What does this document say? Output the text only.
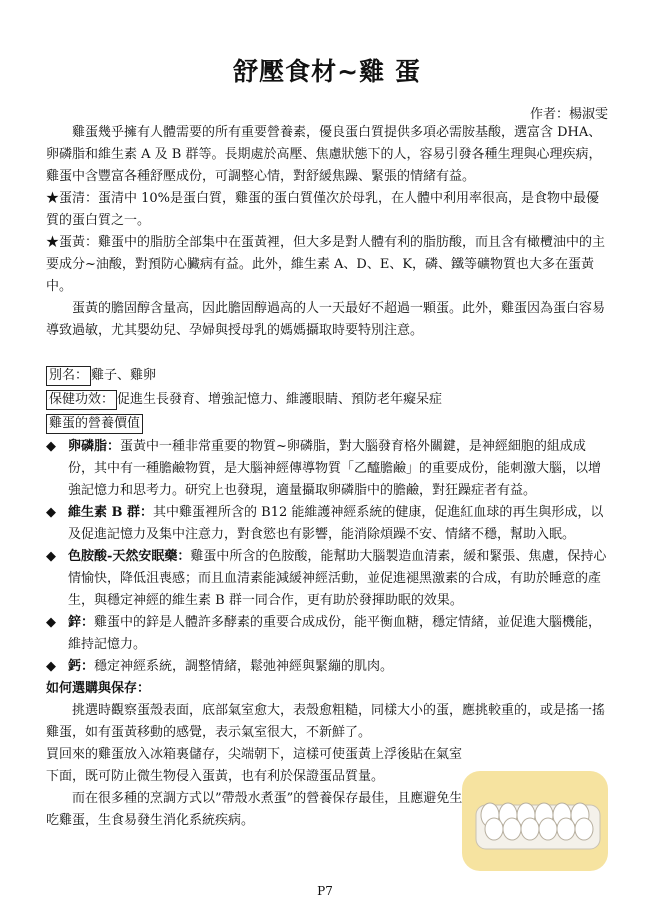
舒壓食材~雞 蛋
作者：楊淑雯

雞蛋幾乎擁有人體需要的所有重要營養素，優良蛋白質提供多項必需胺基酸，選富含 DHA、卵磷脂和維生素 A 及 B 群等。長期處於高壓、焦慮狀態下的人，容易引發各種生理與心理疾病，雞蛋中含豐富各種舒壓成份，可調整心情，對舒緩焦躁、緊張的情緒有益。

★蛋清：蛋清中 10%是蛋白質，雞蛋的蛋白質僅次於母乳，在人體中利用率很高，是食物中最優質的蛋白質之一。

★蛋黃：雞蛋中的脂肪全部集中在蛋黃裡，但大多是對人體有利的脂肪酸，而且含有橄欖油中的主要成分~油酸，對預防心臟病有益。此外，維生素 A、D、E、K，磷、鐵等礦物質也大多在蛋黃中。

蛋黃的膽固醇含量高，因此膽固醇過高的人一天最好不超過一顆蛋。此外，雞蛋因為蛋白容易導致過敏，尤其嬰幼兒、孕婦與授母乳的媽媽攝取時要特別注意。

別名： 雞子、雞卵

保健功效： 促進生長發育、增強記憶力、維護眼睛、預防老年癡呆症

雞蛋的營養價值

◆ 卵磷脂：蛋黃中一種非常重要的物質~卵磷脂，對大腦發育格外關鍵，是神經細胞的組成成份，其中有一種膽鹼物質，是大腦神經傳導物質「乙醯膽鹼」的重要成份，能刺激大腦，以增強記憶力和思考力。研究上也發現，適量攝取卵磷脂中的膽鹼，對狂躁症者有益。

◆ 維生素 B 群：其中雞蛋裡所含的 B12 能維護神經系統的健康，促進紅血球的再生與形成，以及促進記憶力及集中注意力，對食慾也有影響，能消除煩躁不安、情緒不穩，幫助入眠。

◆ 色胺酸-天然安眠藥：雞蛋中所含的色胺酸，能幫助大腦製造血清素，緩和緊張、焦慮，保持心情愉快，降低沮喪感；而且血清素能減緩神經活動，並促進褪黑激素的合成，有助於睡意的產生，與穩定神經的維生素 B 群一同合作，更有助於發揮助眠的效果。

◆ 鋅：雞蛋中的鋅是人體許多酵素的重要合成成份，能平衡血糖，穩定情緒，並促進大腦機能，維持記憶力。

◆ 鈣：穩定神經系統，調整情緒，鬆弛神經與緊繃的肌肉。

如何選購與保存：

挑選時觀察蛋殼表面，底部氣室愈大，表殼愈粗糙，同樣大小的蛋，應挑較重的，或是搖一搖雞蛋，如有蛋黃移動的感覺，表示氣室很大，不新鮮了。

買回來的雞蛋放入冰箱裏儲存，尖端朝下，這樣可使蛋黃上浮後貼在氣室下面，既可防止微生物侵入蛋黃，也有利於保證蛋品質量。

而在很多種的烹調方式以”帶殼水煮蛋”的營養保存最佳，且應避免生吃雞蛋，生食易發生消化系統疾病。

P7
